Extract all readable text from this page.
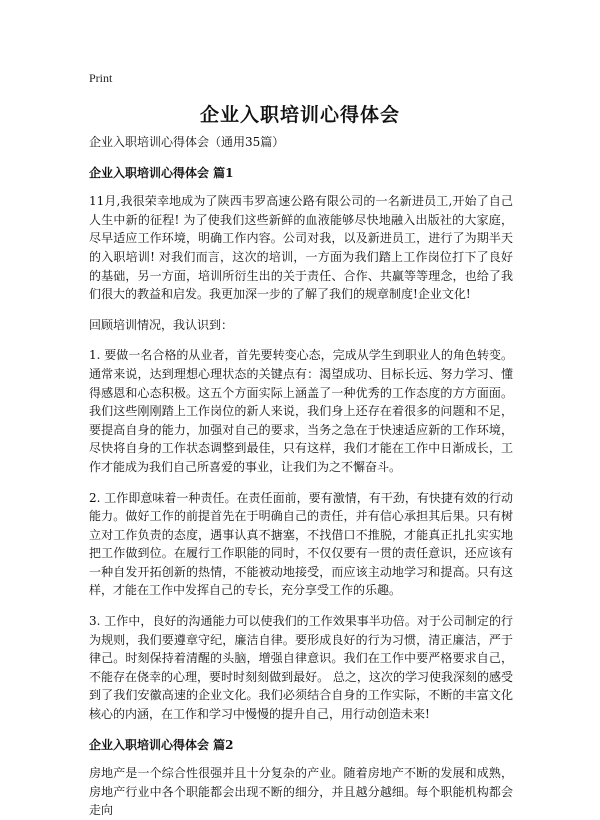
Print
企业入职培训心得体会

企业入职培训心得体会（通用35篇）

企业入职培训心得体会 篇1

11月,我很荣幸地成为了陕西韦罗高速公路有限公司的一名新进员工,开始了自己人生中新的征程! 为了使我们这些新鲜的血液能够尽快地融入出版社的大家庭，尽早适应工作环境，明确工作内容。公司对我，以及新进员工，进行了为期半天的入职培训! 对我们而言，这次的培训，一方面为我们踏上工作岗位打下了良好的基础，另一方面，培训所衍生出的关于责任、合作、共赢等等理念，也给了我们很大的教益和启发。我更加深一步的了解了我们的规章制度!企业文化!

回顾培训情况，我认识到：

1. 要做一名合格的从业者，首先要转变心态，完成从学生到职业人的角色转变。通常来说，达到理想心理状态的关键点有：渴望成功、目标长远、努力学习、懂得感恩和心态积极。这五个方面实际上涵盖了一种优秀的工作态度的方方面面。我们这些刚刚踏上工作岗位的新人来说，我们身上还存在着很多的问题和不足，要提高自身的能力，加强对自己的要求，当务之急在于快速适应新的工作环境，尽快将自身的工作状态调整到最佳，只有这样，我们才能在工作中日渐成长，工作才能成为我们自己所喜爱的事业，让我们为之不懈奋斗。

2. 工作即意味着一种责任。在责任面前，要有激情，有干劲，有快捷有效的行动能力。做好工作的前提首先在于明确自己的责任，并有信心承担其后果。只有树立对工作负责的态度，遇事认真不搪塞，不找借口不推脱，才能真正扎扎实实地把工作做到位。在履行工作职能的同时，不仅仅要有一贯的责任意识，还应该有一种自发开拓创新的热情，不能被动地接受，而应该主动地学习和提高。只有这样，才能在工作中发挥自己的专长，充分享受工作的乐趣。

3. 工作中，良好的沟通能力可以使我们的工作效果事半功倍。对于公司制定的行为规则，我们要遵章守纪，廉洁自律。要形成良好的行为习惯，清正廉洁，严于律己。时刻保持着清醒的头脑，增强自律意识。我们在工作中要严格要求自己，不能存在侥幸的心理，要时时刻刻做到最好。 总之，这次的学习使我深刻的感受到了我们安徽高速的企业文化。我们必须结合自身的工作实际，不断的丰富文化核心的内涵，在工作和学习中慢慢的提升自己，用行动创造未来!

企业入职培训心得体会 篇2

房地产是一个综合性很强并且十分复杂的产业。随着房地产不断的发展和成熟，房地产行业中各个职能都会出现不断的细分，并且越分越细。每个职能机构都会走向
